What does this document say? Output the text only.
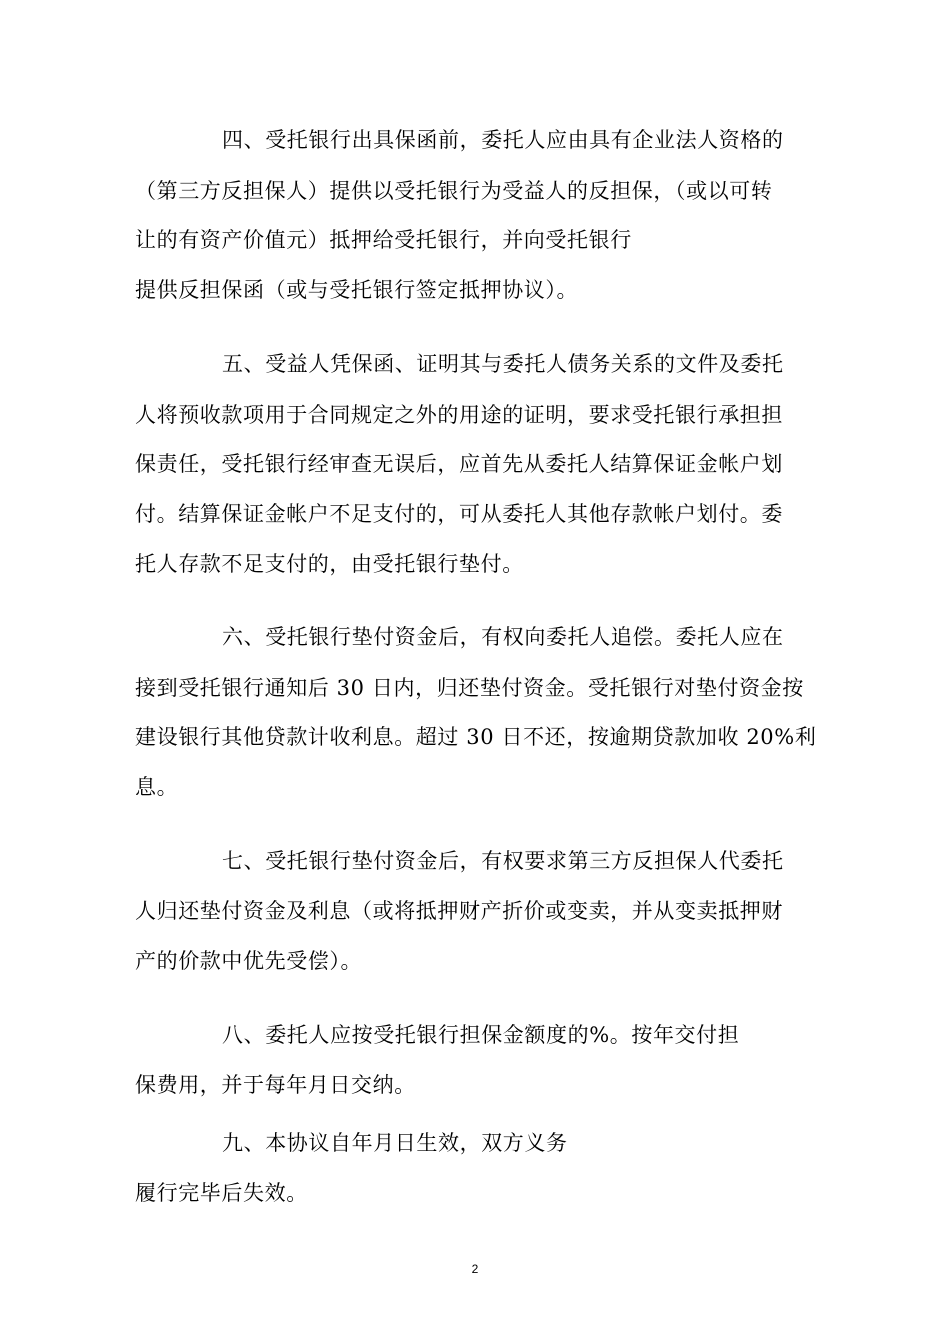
四、受托银行出具保函前，委托人应由具有企业法人资格的
（第三方反担保人）提供以受托银行为受益人的反担保，（或以可转
让的有资产价值元）抵押给受托银行，并向受托银行
提供反担保函（或与受托银行签定抵押协议）。
五、受益人凭保函、证明其与委托人债务关系的文件及委托
人将预收款项用于合同规定之外的用途的证明，要求受托银行承担担
保责任，受托银行经审查无误后，应首先从委托人结算保证金帐户划
付。结算保证金帐户不足支付的，可从委托人其他存款帐户划付。委
托人存款不足支付的，由受托银行垫付。
六、受托银行垫付资金后，有权向委托人追偿。委托人应在
接到受托银行通知后 30 日内，归还垫付资金。受托银行对垫付资金按
建设银行其他贷款计收利息。超过 30 日不还，按逾期贷款加收 20%利
息。
七、受托银行垫付资金后，有权要求第三方反担保人代委托
人归还垫付资金及利息（或将抵押财产折价或变卖，并从变卖抵押财
产的价款中优先受偿）。
八、委托人应按受托银行担保金额度的%。按年交付担
保费用，并于每年月日交纳。
九、本协议自年月日生效，双方义务
履行完毕后失效。
2
